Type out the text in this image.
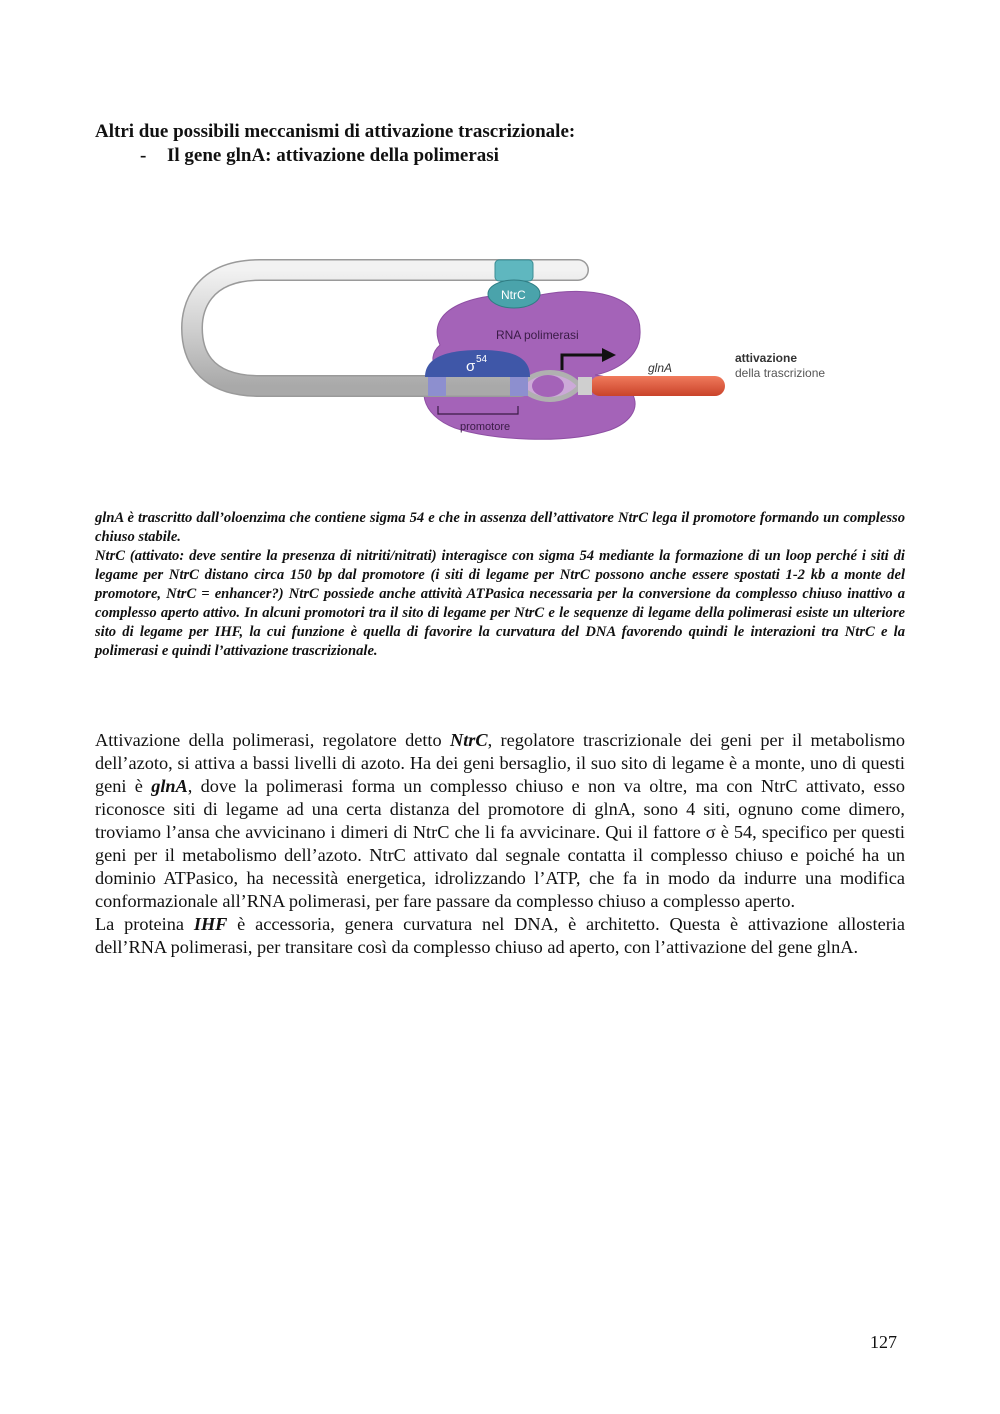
Altri due possibili meccanismi di attivazione trascrizionale:
- Il gene glnA: attivazione della polimerasi
σ 54
NtrC
RNA polimerasi
glnA
promotore
attivazione
della trascrizione

glnA è trascritto dall’oloenzima che contiene sigma 54 e che in assenza dell’attivatore NtrC lega il promotore formando un complesso chiuso stabile.
NtrC (attivato: deve sentire la presenza di nitriti/nitrati) interagisce con sigma 54 mediante la formazione di un loop perché i siti di legame per NtrC distano circa 150 bp dal promotore (i siti di legame per NtrC possono anche essere spostati 1-2 kb a monte del promotore, NtrC = enhancer?) NtrC possiede anche attività ATPasica necessaria per la conversione da complesso chiuso inattivo a complesso aperto attivo. In alcuni promotori tra il sito di legame per NtrC e le sequenze di legame della polimerasi esiste un ulteriore sito di legame per IHF, la cui funzione è quella di favorire la curvatura del DNA favorendo quindi le interazioni tra NtrC e la polimerasi e quindi l’attivazione trascrizionale.

Attivazione della polimerasi, regolatore detto NtrC, regolatore trascrizionale dei geni per il metabolismo dell’azoto, si attiva a bassi livelli di azoto. Ha dei geni bersaglio, il suo sito di legame è a monte, uno di questi geni è glnA, dove la polimerasi forma un complesso chiuso e non va oltre, ma con NtrC attivato, esso riconosce siti di legame ad una certa distanza del promotore di glnA, sono 4 siti, ognuno come dimero, troviamo l’ansa che avvicinano i dimeri di NtrC che li fa avvicinare. Qui il fattore σ è 54, specifico per questi geni per il metabolismo dell’azoto. NtrC attivato dal segnale contatta il complesso chiuso e poiché ha un dominio ATPasico, ha necessità energetica, idrolizzando l’ATP, che fa in modo da indurre una modifica conformazionale all’RNA polimerasi, per fare passare da complesso chiuso a complesso aperto.

La proteina IHF è accessoria, genera curvatura nel DNA, è architetto. Questa è attivazione allosteria dell’RNA polimerasi, per transitare così da complesso chiuso ad aperto, con l’attivazione del gene glnA.

127
